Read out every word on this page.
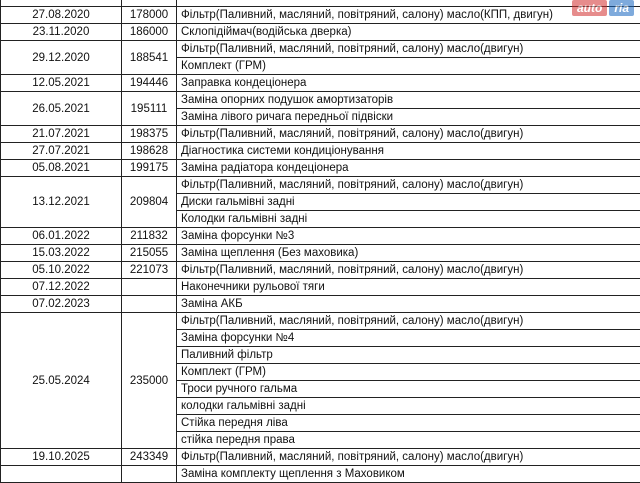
27.08.2020	178000	Фільтр(Паливний, масляний, повітряний, салону) масло(КПП, двигун)
23.11.2020	186000	Склопідіймач(водійська дверка)
29.12.2020	188541	Фільтр(Паливний, масляний, повітряний, салону) масло(двигун)
		Комплект (ГРМ)
12.05.2021	194446	Заправка кондеціонера
26.05.2021	195111	Заміна опорних подушок амортизаторів
		Заміна лівого ричага передньої підвіски
21.07.2021	198375	Фільтр(Паливний, масляний, повітряний, салону) масло(двигун)
27.07.2021	198628	Діагностика системи кондиціонування
05.08.2021	199175	Заміна радіатора кондеціонера
13.12.2021	209804	Фільтр(Паливний, масляний, повітряний, салону) масло(двигун)
		Диски гальмівні задні
		Колодки гальмівні задні
06.01.2022	211832	Заміна форсунки №3
15.03.2022	215055	Заміна щеплення (Без маховика)
05.10.2022	221073	Фільтр(Паливний, масляний, повітряний, салону) масло(двигун)
07.12.2022		Наконечники рульової тяги
07.02.2023		Заміна АКБ
25.05.2024	235000	Фільтр(Паливний, масляний, повітряний, салону) масло(двигун)
		Заміна форсунки №4
		Паливний фільтр
		Комплект (ГРМ)
		Троси ручного гальма
		колодки гальмівні задні
		Стійка передня ліва
		стійка передня права
19.10.2025	243349	Фільтр(Паливний, масляний, повітряний, салону) масло(двигун)
		Заміна комплекту щеплення з Маховиком
auto	ria
